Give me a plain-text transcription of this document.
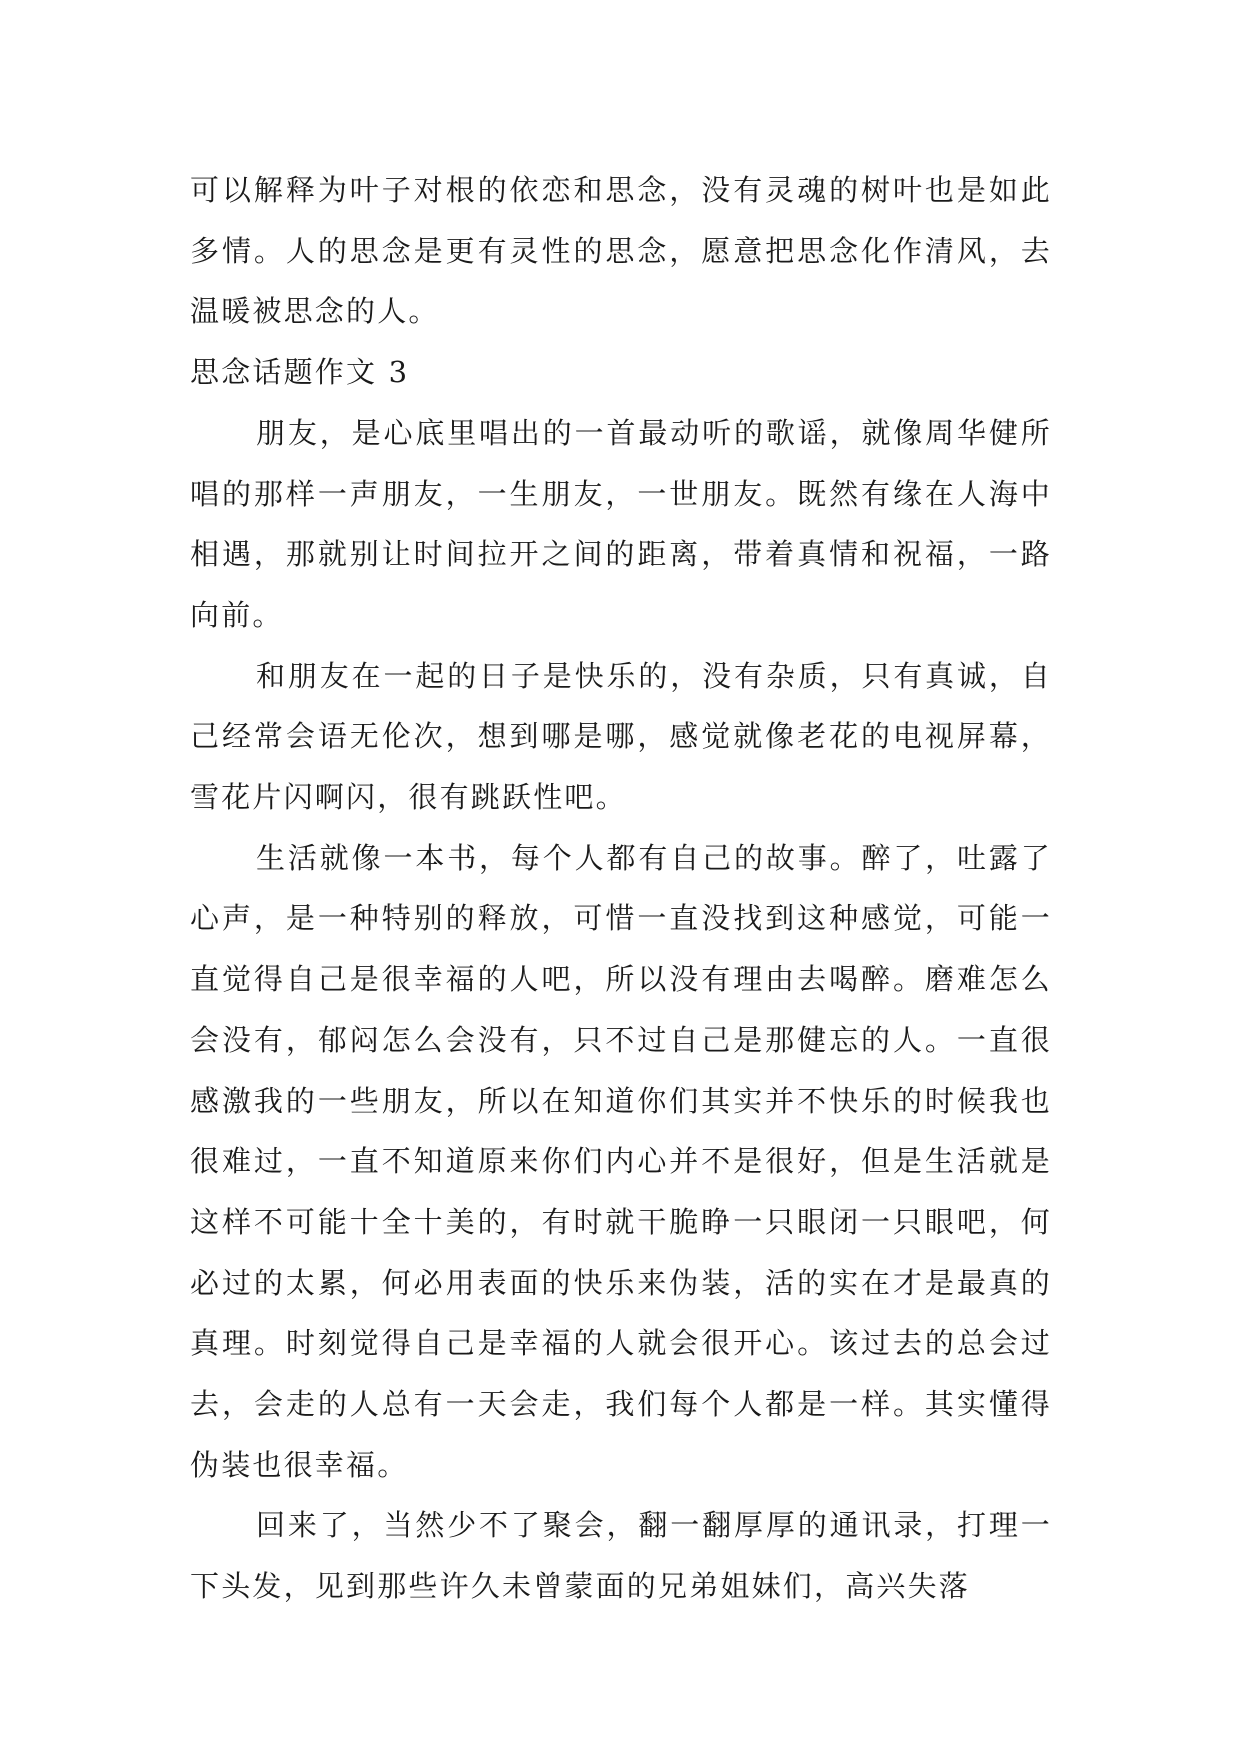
可以解释为叶子对根的依恋和思念，没有灵魂的树叶也是如此多情。人的思念是更有灵性的思念，愿意把思念化作清风，去温暖被思念的人。

思念话题作文 3

朋友，是心底里唱出的一首最动听的歌谣，就像周华健所唱的那样一声朋友，一生朋友，一世朋友。既然有缘在人海中相遇，那就别让时间拉开之间的距离，带着真情和祝福，一路向前。

和朋友在一起的日子是快乐的，没有杂质，只有真诚，自己经常会语无伦次，想到哪是哪，感觉就像老花的电视屏幕，雪花片闪啊闪，很有跳跃性吧。

生活就像一本书，每个人都有自己的故事。醉了，吐露了心声，是一种特别的释放，可惜一直没找到这种感觉，可能一直觉得自己是很幸福的人吧，所以没有理由去喝醉。磨难怎么会没有，郁闷怎么会没有，只不过自己是那健忘的人。一直很感激我的一些朋友，所以在知道你们其实并不快乐的时候我也很难过，一直不知道原来你们内心并不是很好，但是生活就是这样不可能十全十美的，有时就干脆睁一只眼闭一只眼吧，何必过的太累，何必用表面的快乐来伪装，活的实在才是最真的真理。时刻觉得自己是幸福的人就会很开心。该过去的总会过去，会走的人总有一天会走，我们每个人都是一样。其实懂得伪装也很幸福。

回来了，当然少不了聚会，翻一翻厚厚的通讯录，打理一下头发，见到那些许久未曾蒙面的兄弟姐妹们，高兴失落
